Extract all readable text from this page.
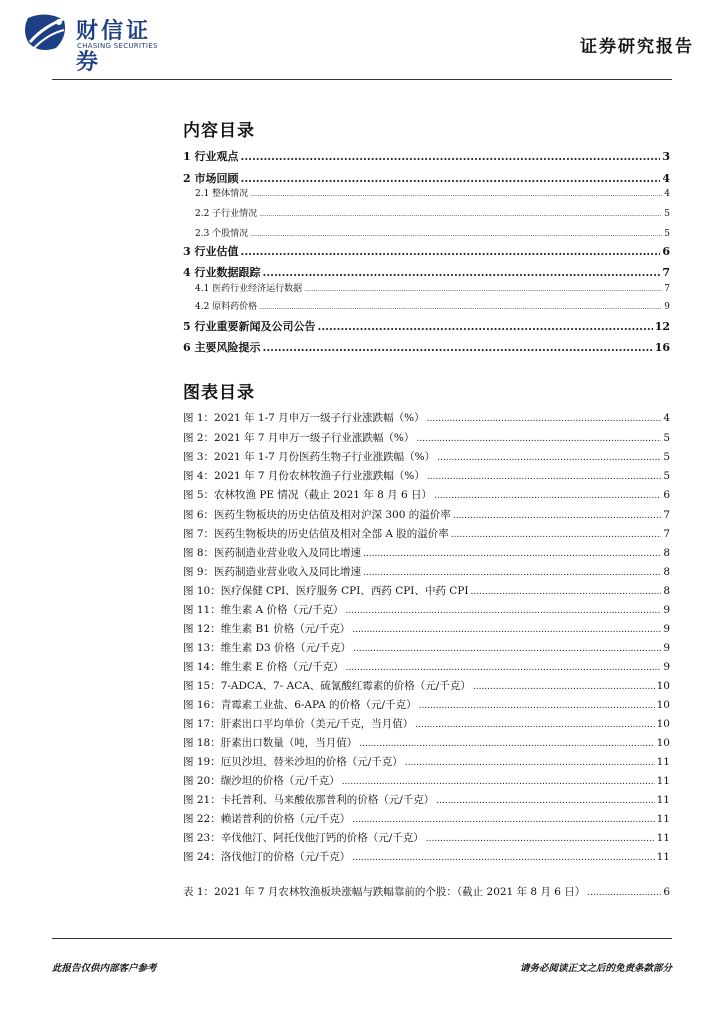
财信证券
CHASING SECURITIES	证券研究报告
内容目录
1 行业观点 .....	3
2 市场回顾 .....	4
2.1 整体情况 .....	4
2.2 子行业情况 .....	5
2.3 个股情况 .....	5
3 行业估值 .....	6
4 行业数据跟踪 .....	7
4.1 医药行业经济运行数据 .....	7
4.2 原料药价格 .....	9
5 行业重要新闻及公司公告 .....	12
6 主要风险提示 .....	16
图表目录
图 1：2021 年 1-7 月申万一级子行业涨跌幅（%） .....	4
图 2：2021 年 7 月申万一级子行业涨跌幅（%） .....	5
图 3：2021 年 1-7 月份医药生物子行业涨跌幅（%） .....	5
图 4：2021 年 7 月份农林牧渔子行业涨跌幅（%） .....	5
图 5：农林牧渔 PE 情况（截止 2021 年 8 月 6 日） .....	6
图 6：医药生物板块的历史估值及相对沪深 300 的溢价率 .....	7
图 7：医药生物板块的历史估值及相对全部 A 股的溢价率 .....	7
图 8：医药制造业营业收入及同比增速 .....	8
图 9：医药制造业营业收入及同比增速 .....	8
图 10：医疗保健 CPI、医疗服务 CPI、西药 CPI、中药 CPI .....	8
图 11：维生素 A 价格（元/千克） .....	9
图 12：维生素 B1 价格（元/千克） .....	9
图 13：维生素 D3 价格（元/千克） .....	9
图 14：维生素 E 价格（元/千克） .....	9
图 15：7-ADCA、7- ACA、硫氰酸红霉素的价格（元/千克） .....	10
图 16：青霉素工业盐、6-APA 的价格（元/千克） .....	10
图 17：肝素出口平均单价（美元/千克，当月值） .....	10
图 18：肝素出口数量（吨，当月值） .....	10
图 19：厄贝沙坦、替米沙坦的价格（元/千克） .....	11
图 20：缬沙坦的价格（元/千克） .....	11
图 21：卡托普利、马来酸依那普利的价格（元/千克） .....	11
图 22：赖诺普利的价格（元/千克） .....	11
图 23：辛伐他汀、阿托伐他汀钙的价格（元/千克） .....	11
图 24：洛伐他汀的价格（元/千克） .....	11
表 1：2021 年 7 月农林牧渔板块涨幅与跌幅靠前的个股：（截止 2021 年 8 月 6 日） .....	6
此报告仅供内部客户参考	请务必阅读正文之后的免责条款部分
